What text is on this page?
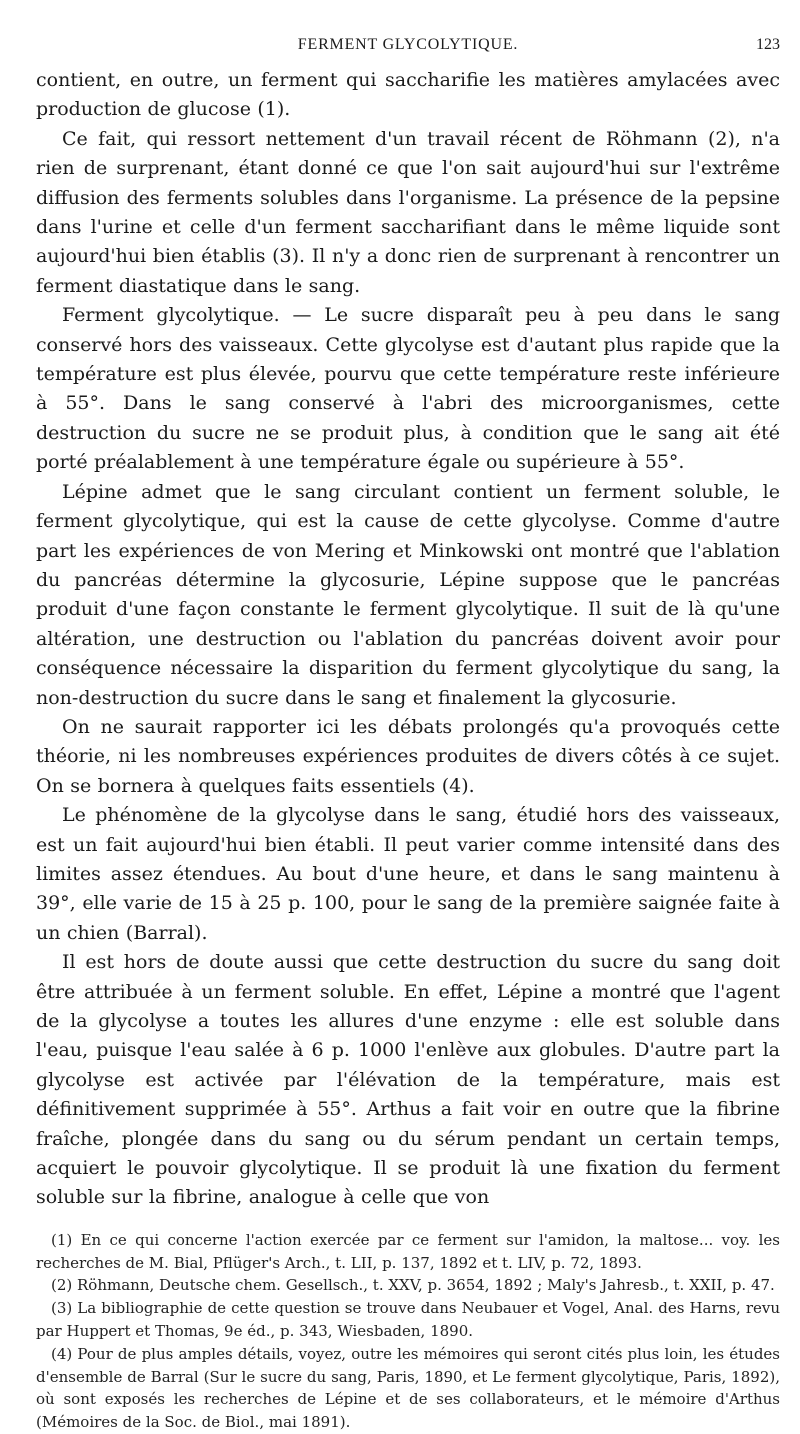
FERMENT GLYCOLYTIQUE.	123

contient, en outre, un ferment qui saccharifie les matières amylacées avec production de glucose (1).

Ce fait, qui ressort nettement d'un travail récent de Röhmann (2), n'a rien de surprenant, étant donné ce que l'on sait aujourd'hui sur l'extrême diffusion des ferments solubles dans l'organisme. La présence de la pepsine dans l'urine et celle d'un ferment saccharifiant dans le même liquide sont aujourd'hui bien établis (3). Il n'y a donc rien de surprenant à rencontrer un ferment diastatique dans le sang.

Ferment glycolytique. — Le sucre disparaît peu à peu dans le sang conservé hors des vaisseaux. Cette glycolyse est d'autant plus rapide que la température est plus élevée, pourvu que cette température reste inférieure à 55°. Dans le sang conservé à l'abri des microorganismes, cette destruction du sucre ne se produit plus, à condition que le sang ait été porté préalablement à une température égale ou supérieure à 55°.

Lépine admet que le sang circulant contient un ferment soluble, le ferment glycolytique, qui est la cause de cette glycolyse. Comme d'autre part les expériences de von Mering et Minkowski ont montré que l'ablation du pancréas détermine la glycosurie, Lépine suppose que le pancréas produit d'une façon constante le ferment glycolytique. Il suit de là qu'une altération, une destruction ou l'ablation du pancréas doivent avoir pour conséquence nécessaire la disparition du ferment glycolytique du sang, la non-destruction du sucre dans le sang et finalement la glycosurie.

On ne saurait rapporter ici les débats prolongés qu'a provoqués cette théorie, ni les nombreuses expériences produites de divers côtés à ce sujet. On se bornera à quelques faits essentiels (4).

Le phénomène de la glycolyse dans le sang, étudié hors des vaisseaux, est un fait aujourd'hui bien établi. Il peut varier comme intensité dans des limites assez étendues. Au bout d'une heure, et dans le sang maintenu à 39°, elle varie de 15 à 25 p. 100, pour le sang de la première saignée faite à un chien (Barral).

Il est hors de doute aussi que cette destruction du sucre du sang doit être attribuée à un ferment soluble. En effet, Lépine a montré que l'agent de la glycolyse a toutes les allures d'une enzyme : elle est soluble dans l'eau, puisque l'eau salée à 6 p. 1000 l'enlève aux globules. D'autre part la glycolyse est activée par l'élévation de la température, mais est définitivement supprimée à 55°. Arthus a fait voir en outre que la fibrine fraîche, plongée dans du sang ou du sérum pendant un certain temps, acquiert le pouvoir glycolytique. Il se produit là une fixation du ferment soluble sur la fibrine, analogue à celle que von

(1) En ce qui concerne l'action exercée par ce ferment sur l'amidon, la maltose... voy. les recherches de M. Bial, Pflüger's Arch., t. LII, p. 137, 1892 et t. LIV, p. 72, 1893.

(2) Röhmann, Deutsche chem. Gesellsch., t. XXV, p. 3654, 1892 ; Maly's Jahresb., t. XXII, p. 47.

(3) La bibliographie de cette question se trouve dans Neubauer et Vogel, Anal. des Harns, revu par Huppert et Thomas, 9e éd., p. 343, Wiesbaden, 1890.

(4) Pour de plus amples détails, voyez, outre les mémoires qui seront cités plus loin, les études d'ensemble de Barral (Sur le sucre du sang, Paris, 1890, et Le ferment glycolytique, Paris, 1892), où sont exposés les recherches de Lépine et de ses collaborateurs, et le mémoire d'Arthus (Mémoires de la Soc. de Biol., mai 1891).
